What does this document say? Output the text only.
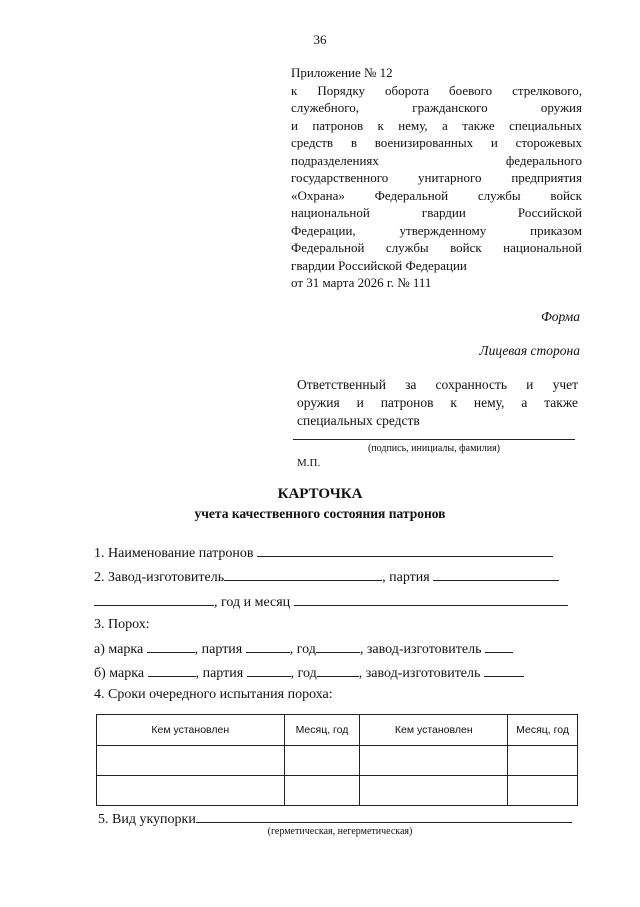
36
Приложение № 12
к Порядку оборота боевого стрелкового,
служебного, гражданского оружия
и патронов к нему, а также специальных
средств в военизированных и сторожевых
подразделениях федерального
государственного унитарного предприятия
«Охрана» Федеральной службы войск
национальной гвардии Российской
Федерации, утвержденному приказом
Федеральной службы войск национальной
гвардии Российской Федерации
от 31 марта 2026 г. № 111
Форма
Лицевая сторона
Ответственный за сохранность и учет
оружия и патронов к нему, а также
специальных средств
(подпись, инициалы, фамилия)
М.П.
КАРТОЧКА
учета качественного состояния патронов
1. Наименование патронов
2. Завод-изготовитель	, партия
, год и месяц
3. Порох:
а) марка	, партия	, год	, завод-изготовитель
б) марка	, партия	, год	, завод-изготовитель
4. Сроки очередного испытания пороха:
Кем установлен	Месяц, год	Кем установлен	Месяц, год

5. Вид укупорки
(герметическая, негерметическая)
